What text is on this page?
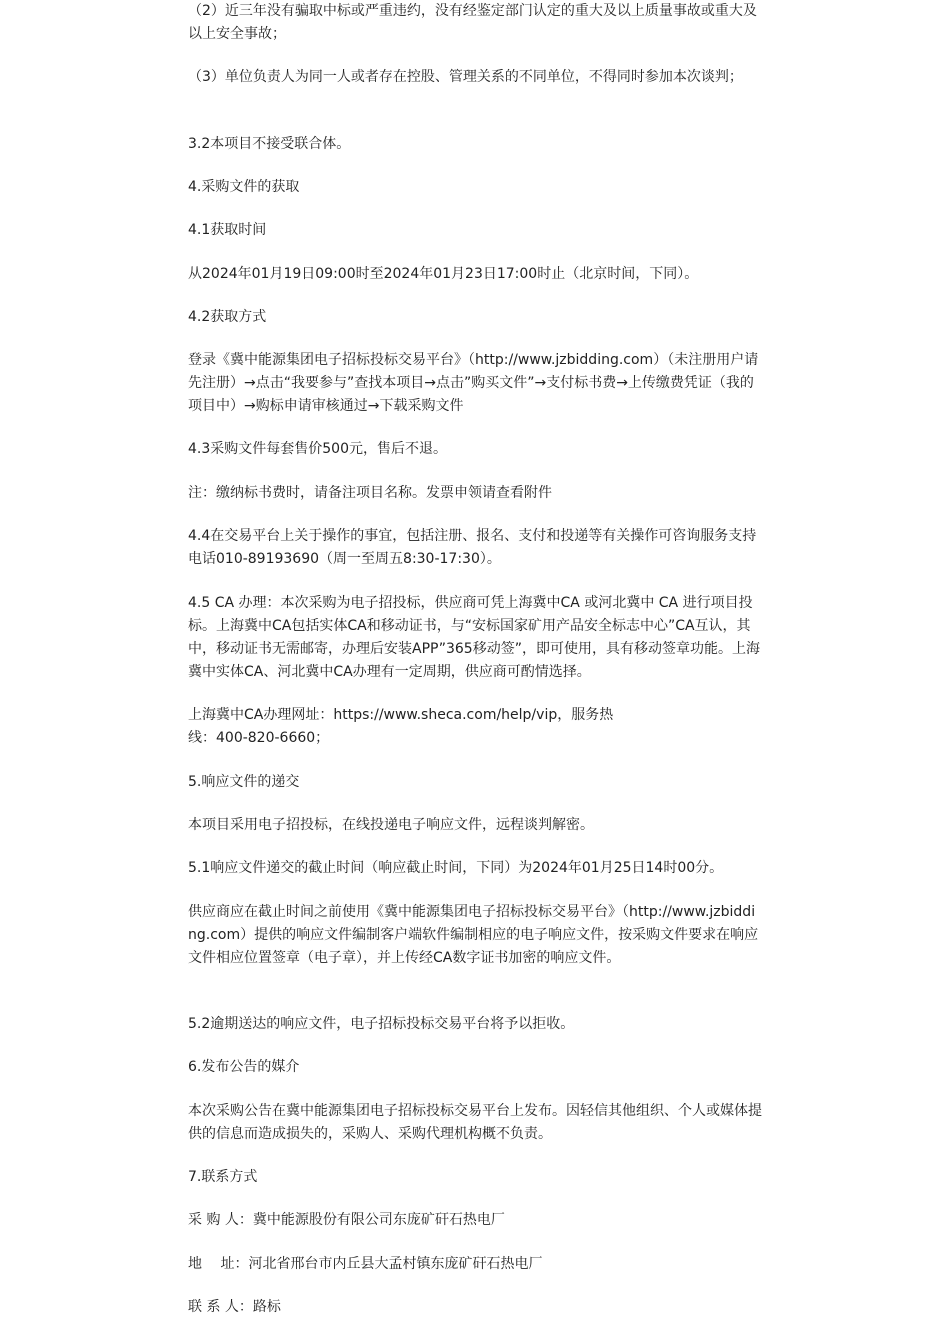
（2）近三年没有骗取中标或严重违约，没有经鉴定部门认定的重大及以上质量事故或重大及以上安全事故；

（3）单位负责人为同一人或者存在控股、管理关系的不同单位，不得同时参加本次谈判；

3.2本项目不接受联合体。

4.采购文件的获取

4.1获取时间

从2024年01月19日09:00时至2024年01月23日17:00时止（北京时间，下同）。

4.2获取方式

登录《冀中能源集团电子招标投标交易平台》（http://www.jzbidding.com）（未注册用户请先注册）→点击“我要参与”查找本项目→点击”购买文件”→支付标书费→上传缴费凭证（我的项目中）→购标申请审核通过→下载采购文件

4.3采购文件每套售价500元，售后不退。

注：缴纳标书费时，请备注项目名称。发票申领请查看附件

4.4在交易平台上关于操作的事宜，包括注册、报名、支付和投递等有关操作可咨询服务支持电话010-89193690（周一至周五8:30-17:30）。

4.5 CA 办理：本次采购为电子招投标，供应商可凭上海冀中CA 或河北冀中 CA 进行项目投标。上海冀中CA包括实体CA和移动证书，与“安标国家矿用产品安全标志中心”CA互认，其中，移动证书无需邮寄，办理后安装APP”365移动签”，即可使用，具有移动签章功能。上海冀中实体CA、河北冀中CA办理有一定周期，供应商可酌情选择。

上海冀中CA办理网址：https://www.sheca.com/help/vip，服务热
线：400-820-6660；

5.响应文件的递交

本项目采用电子招投标，在线投递电子响应文件，远程谈判解密。

5.1响应文件递交的截止时间（响应截止时间，下同）为2024年01月25日14时00分。

供应商应在截止时间之前使用《冀中能源集团电子招标投标交易平台》（http://www.jzbidding.com）提供的响应文件编制客户端软件编制相应的电子响应文件，按采购文件要求在响应文件相应位置签章（电子章），并上传经CA数字证书加密的响应文件。

5.2逾期送达的响应文件，电子招标投标交易平台将予以拒收。

6.发布公告的媒介

本次采购公告在冀中能源集团电子招标投标交易平台上发布。因轻信其他组织、个人或媒体提供的信息而造成损失的，采购人、采购代理机构概不负责。

7.联系方式

采 购 人：冀中能源股份有限公司东庞矿矸石热电厂

地　 址：河北省邢台市内丘县大孟村镇东庞矿矸石热电厂

联 系 人：路标
